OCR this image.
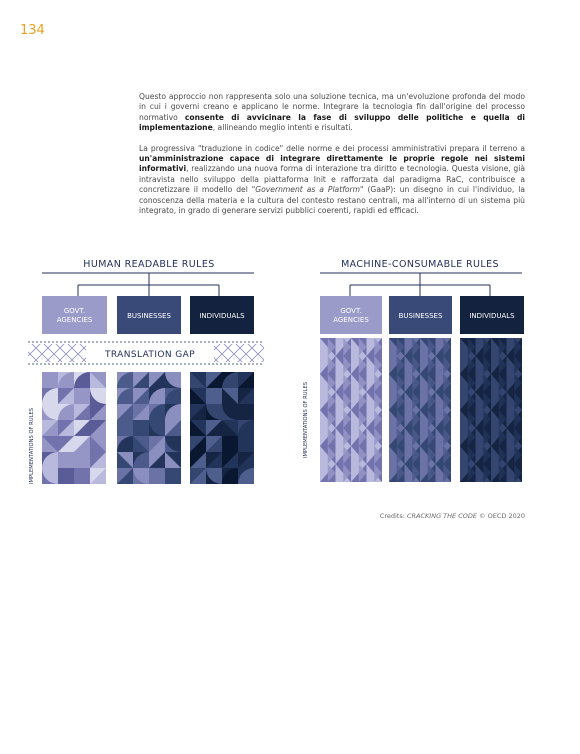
134

Questo approccio non rappresenta solo una soluzione tecnica, ma un'evoluzione profonda del modo in cui i governi creano e applicano le norme. Integrare la tecnologia fin dall'origine del processo normativo consente di avvicinare la fase di sviluppo delle politiche e quella di implementazione, allineando meglio intenti e risultati.

La progressiva "traduzione in codice" delle norme e dei processi amministrativi prepara il terreno a un'amministrazione capace di integrare direttamente le proprie regole nei sistemi informativi, realizzando una nuova forma di interazione tra diritto e tecnologia. Questa visione, già intravista nello sviluppo della piattaforma Init e rafforzata dal paradigma RaC, contribuisce a concretizzare il modello del "Government as a Platform" (GaaP): un disegno in cui l'individuo, la conoscenza della materia e la cultura del contesto restano centrali, ma all'interno di un sistema più integrato, in grado di generare servizi pubblici coerenti, rapidi ed efficaci.

HUMAN READABLE RULES
GOVT.
AGENCIES	BUSINESSES	INDIVIDUALS
TRANSLATION GAP
IMPLEMENTATIONS OF RULES
MACHINE-CONSUMABLE RULES
GOVT.
AGENCIES	BUSINESSES	INDIVIDUALS
IMPLEMENTATIONS OF RULES
Credits: CRACKING THE CODE © OECD 2020
